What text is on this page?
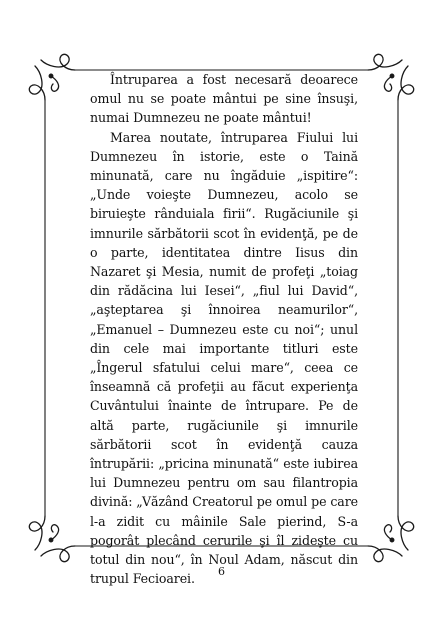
Întruparea a fost necesară deoarece omul nu se poate mântui pe sine însuşi, numai Dumnezeu ne poate mântui!

Marea noutate, întruparea Fiului lui Dumnezeu în istorie, este o Taină minunată, care nu îngăduie „ispitire“: „Unde voieşte Dumnezeu, acolo se biruieşte rânduiala firii“. Rugăciunile şi imnurile sărbătorii scot în evidenţă, pe de o parte, identitatea dintre Iisus din Nazaret şi Mesia, numit de profeţi „toiag din rădăcina lui Iesei“, „fiul lui David“, „aşteptarea şi înnoirea neamurilor“, „Emanuel – Dumnezeu este cu noi“; unul din cele mai importante titluri este „Îngerul sfatului celui mare“, ceea ce înseamnă că profeţii au făcut experienţa Cuvântului înainte de întrupare. Pe de altă parte, rugăciunile şi imnurile sărbătorii scot în evidenţă cauza întrupării: „pricina minunată“ este iubirea lui Dumnezeu pentru om sau filantropia divină: „Văzând Creatorul pe omul pe care l-a zidit cu mâinile Sale pierind, S-a pogorât plecând cerurile şi îl zideşte cu totul din nou“, în Noul Adam, născut din trupul Fecioarei.	6
